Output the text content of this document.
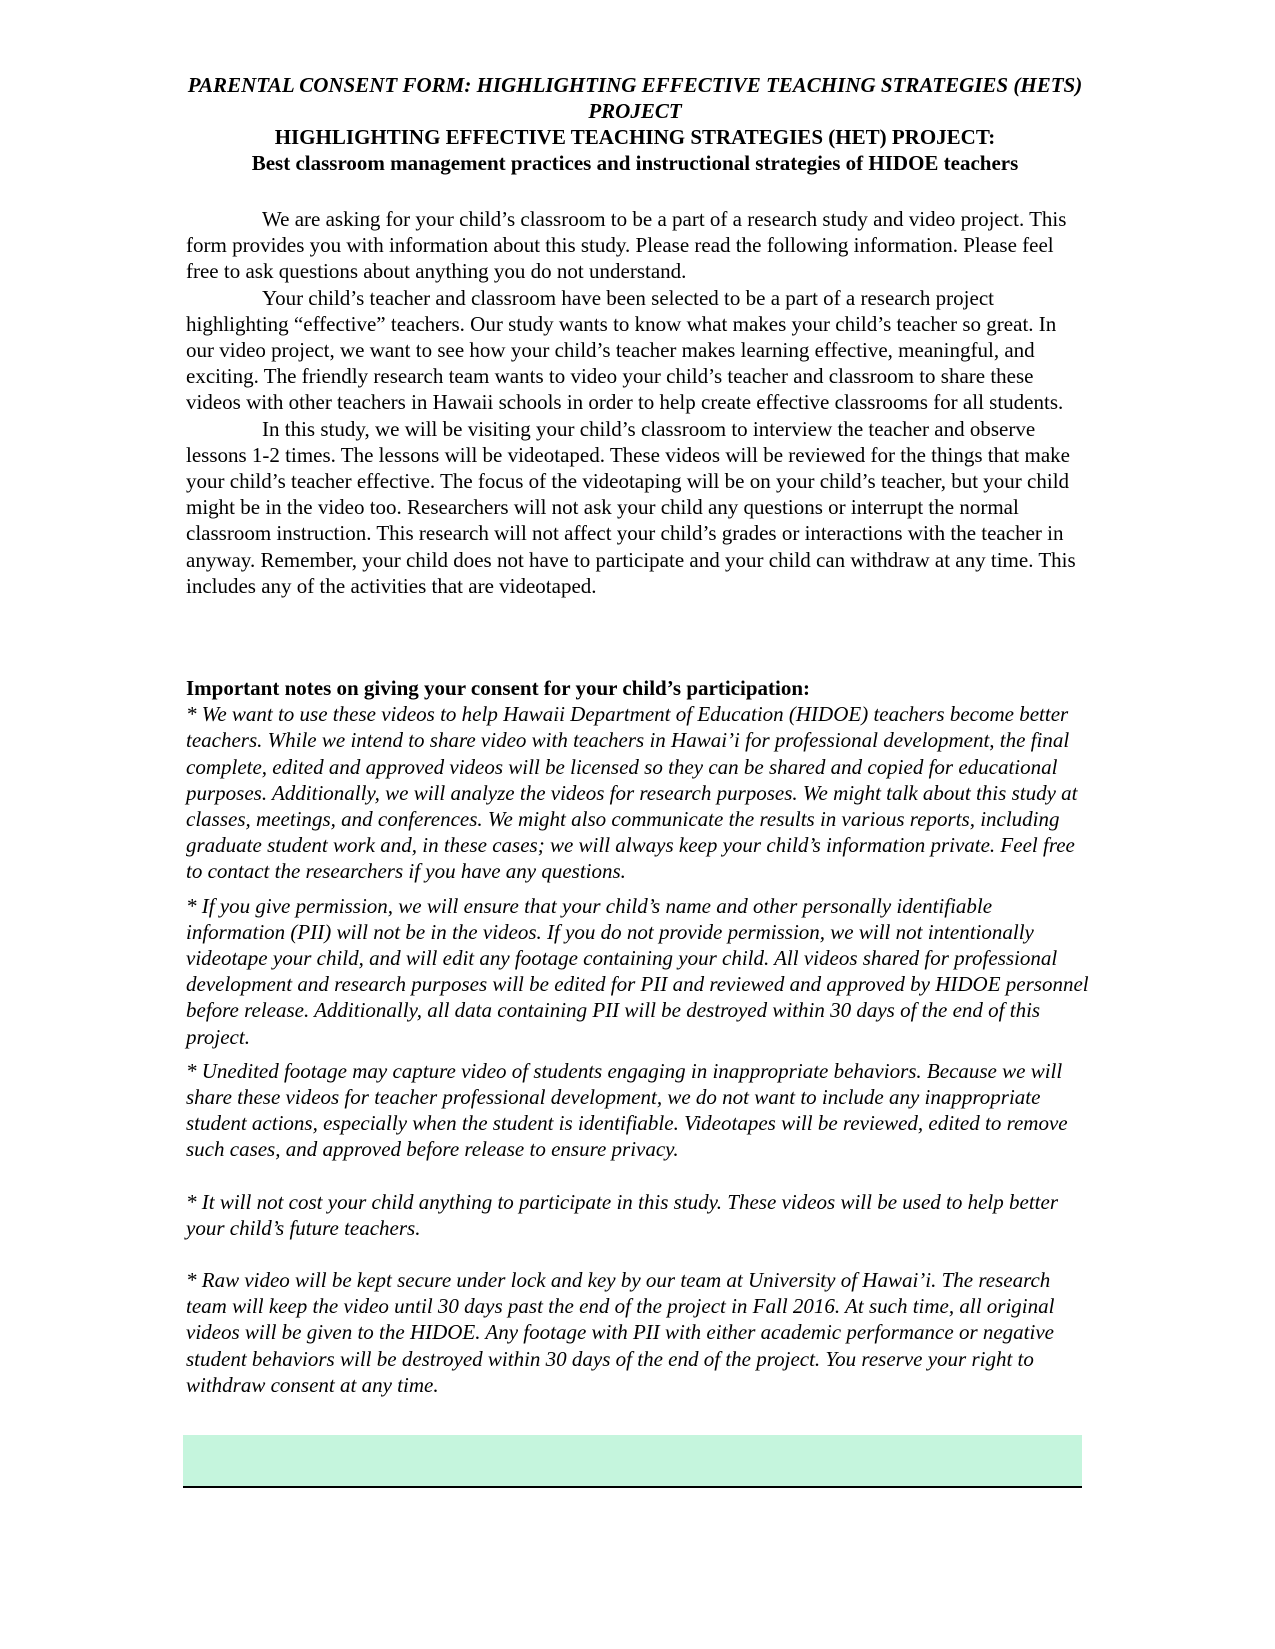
PARENTAL CONSENT FORM: HIGHLIGHTING EFFECTIVE TEACHING STRATEGIES (HETS) PROJECT
HIGHLIGHTING EFFECTIVE TEACHING STRATEGIES (HET) PROJECT:
Best classroom management practices and instructional strategies of HIDOE teachers

We are asking for your child’s classroom to be a part of a research study and video project. This form provides you with information about this study. Please read the following information. Please feel free to ask questions about anything you do not understand.

Your child’s teacher and classroom have been selected to be a part of a research project highlighting “effective” teachers. Our study wants to know what makes your child’s teacher so great. In our video project, we want to see how your child’s teacher makes learning effective, meaningful, and exciting. The friendly research team wants to video your child’s teacher and classroom to share these videos with other teachers in Hawaii schools in order to help create effective classrooms for all students.

In this study, we will be visiting your child’s classroom to interview the teacher and observe lessons 1-2 times. The lessons will be videotaped. These videos will be reviewed for the things that make your child’s teacher effective. The focus of the videotaping will be on your child’s teacher, but your child might be in the video too. Researchers will not ask your child any questions or interrupt the normal classroom instruction. This research will not affect your child’s grades or interactions with the teacher in anyway. Remember, your child does not have to participate and your child can withdraw at any time. This includes any of the activities that are videotaped.

Important notes on giving your consent for your child’s participation:

* We want to use these videos to help Hawaii Department of Education (HIDOE) teachers become better teachers. While we intend to share video with teachers in Hawai’i for professional development, the final complete, edited and approved videos will be licensed so they can be shared and copied for educational purposes. Additionally, we will analyze the videos for research purposes. We might talk about this study at classes, meetings, and conferences. We might also communicate the results in various reports, including graduate student work and, in these cases; we will always keep your child’s information private. Feel free to contact the researchers if you have any questions.

* If you give permission, we will ensure that your child’s name and other personally identifiable information (PII) will not be in the videos. If you do not provide permission, we will not intentionally videotape your child, and will edit any footage containing your child. All videos shared for professional development and research purposes will be edited for PII and reviewed and approved by HIDOE personnel before release. Additionally, all data containing PII will be destroyed within 30 days of the end of this project.

* Unedited footage may capture video of students engaging in inappropriate behaviors. Because we will share these videos for teacher professional development, we do not want to include any inappropriate student actions, especially when the student is identifiable. Videotapes will be reviewed, edited to remove such cases, and approved before release to ensure privacy.

* It will not cost your child anything to participate in this study. These videos will be used to help better your child’s future teachers.

* Raw video will be kept secure under lock and key by our team at University of Hawai’i. The research team will keep the video until 30 days past the end of the project in Fall 2016. At such time, all original videos will be given to the HIDOE. Any footage with PII with either academic performance or negative student behaviors will be destroyed within 30 days of the end of the project. You reserve your right to withdraw consent at any time.
